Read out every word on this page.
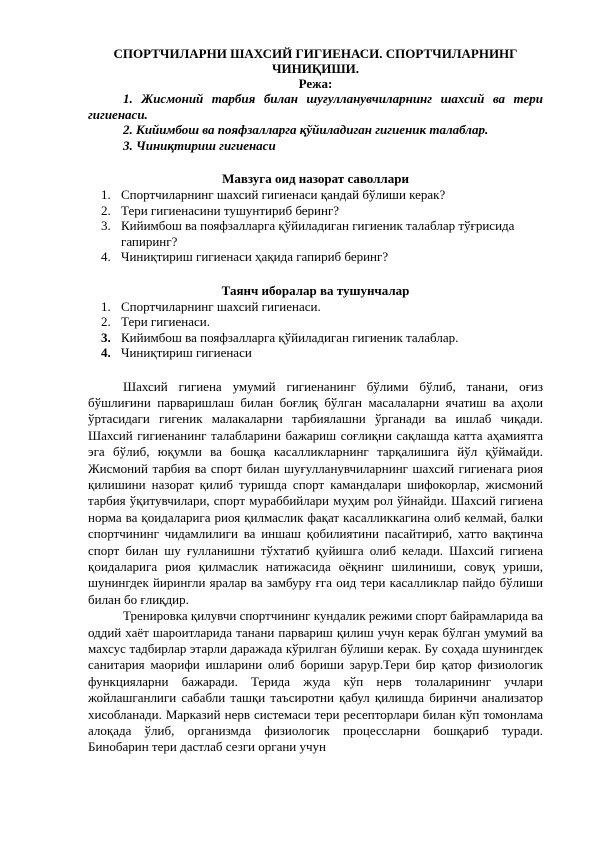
СПОРТЧИЛАРНИ ШАХСИЙ ГИГИЕНАСИ. СПОРТЧИЛАРНИНГ ЧИНИҚИШИ.

Режа:

1. Жисмоний тарбия билан шуғулланувчиларнинг шахсий ва тери гигиенаси.

2. Кийимбош ва пояфзалларга қўйиладиган гигиеник талаблар.

3. Чиниқтириш гигиенаси

Мавзуга оид назорат саволлари
1. Спортчиларнинг шахсий гигиенаси қандай бўлиши керак?
2. Тери гигиенасини тушунтириб беринг?
3. Кийимбош ва пояфзалларга қўйиладиган гигиеник талаблар тўғрисида гапиринг?
4. Чиниқтириш гигиенаси ҳақида гапириб беринг?
Таянч иборалар ва тушунчалар
1. Спортчиларнинг шахсий гигиенаси.
2. Тери гигиенаси.
3. Кийимбош ва пояфзалларга қўйиладиган гигиеник талаблар.
4. Чиниқтириш гигиенаси

Шахсий гигиена умумий гигиенанинг бўлими бўлиб, танани, оғиз бўшлиғини парваришлаш билан боғлиқ бўлган масалаларни ячатиш ва аҳоли ўртасидаги гигеник малакаларни тарбиялашни ўрганади ва ишлаб чиқади. Шахсий гигиенанинг талабларини бажариш соғлиқни сақлашда катта аҳамиятга эга бўлиб, юқумли ва бошқа касалликларнинг тарқалишига йўл қўймайди. Жисмоний тарбия ва спорт билан шуғулланувчиларнинг шахсий гигиенага риоя қилишини назорат қилиб туришда спорт камандалари шифокорлар, жисмоний тарбия ўқитувчилари, спорт мураббийлари муҳим рол ўйнайди. Шахсий гигиена норма ва қоидаларига риоя қилмаслик фақат касалликкагина олиб келмай, балки спортчининг чидамлилиги ва иншаш қобилиятини пасайтириб, хатто вақтинча спорт билан шу ғулланишни тўхтатиб қуйишга олиб келади. Шахсий гигиена қоидаларига риоя қилмаслик натижасида оёқнинг шилиниши, совуқ уриши, шунингдек йирингли яралар ва замбуру ғга оид тери касалликлар пайдо бўлиши билан бо ғлиқдир.

Тренировка қилувчи спортчининг кундалик режими спорт байрамларида ва оддий хаёт шароитларида танани парвариш қилиш учун керак бўлган умумий ва махсус тадбирлар этарли даражада кўрилган бўлиши керак. Бу соҳада шунингдек санитария маорифи ишларини олиб бориши зарур.Тери бир қатор физиологик функцияларни бажаради. Терида жуда кўп нерв толаларининг учлари жойлашганлиги сабабли ташқи таъсиротни қабул қилишда биринчи анализатор хисобланади. Марказий нерв системаси тери ресепторлари билан кўп томонлама алоқада ўлиб, организмда физиологик процессларни бошқариб туради. Бинобарин тери дастлаб сезги органи учун
